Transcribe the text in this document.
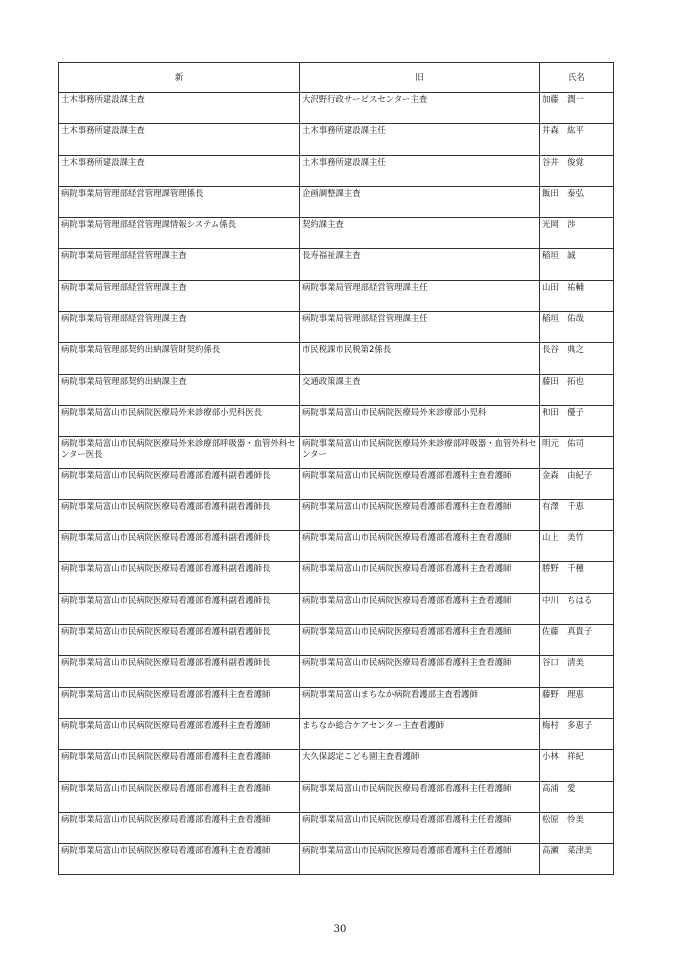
新	旧	氏名
土木事務所建設課主査	大沢野行政サービスセンター主査	加藤　潤一
土木事務所建設課主査	土木事務所建設課主任	井森　紘平
土木事務所建設課主査	土木事務所建設課主任	谷井　俊覚
病院事業局管理部経営管理課管理係長	企画調整課主査	飯田　泰弘
病院事業局管理部経営管理課情報システム係長	契約課主査	光岡　渉
病院事業局管理部経営管理課主査	長寿福祉課主査	稲垣　誠
病院事業局管理部経営管理課主査	病院事業局管理部経営管理課主任	山田　祐輔
病院事業局管理部経営管理課主査	病院事業局管理部経営管理課主任	稲垣　佑哉
病院事業局管理部契約出納課管財契約係長	市民税課市民税第2係長	長谷　典之
病院事業局管理部契約出納課主査	交通政策課主査	藤田　拓也
病院事業局富山市民病院医療局外来診療部小児科医長	病院事業局富山市民病院医療局外来診療部小児科	和田　優子
病院事業局富山市民病院医療局外来診療部呼吸器・血管外科センター医長	病院事業局富山市民病院医療局外来診療部呼吸器・血管外科センター	明元　佑司
病院事業局富山市民病院医療局看護部看護科副看護師長	病院事業局富山市民病院医療局看護部看護科主査看護師	金森　由紀子
病院事業局富山市民病院医療局看護部看護科副看護師長	病院事業局富山市民病院医療局看護部看護科主査看護師	有澤　千恵
病院事業局富山市民病院医療局看護部看護科副看護師長	病院事業局富山市民病院医療局看護部看護科主査看護師	山上　美竹
病院事業局富山市民病院医療局看護部看護科副看護師長	病院事業局富山市民病院医療局看護部看護科主査看護師	勝野　千種
病院事業局富山市民病院医療局看護部看護科副看護師長	病院事業局富山市民病院医療局看護部看護科主査看護師	中川　ちはる
病院事業局富山市民病院医療局看護部看護科副看護師長	病院事業局富山市民病院医療局看護部看護科主査看護師	佐藤　真貴子
病院事業局富山市民病院医療局看護部看護科副看護師長	病院事業局富山市民病院医療局看護部看護科主査看護師	谷口　清美
病院事業局富山市民病院医療局看護部看護科主査看護師	病院事業局富山まちなか病院看護部主査看護師	藤野　理恵
病院事業局富山市民病院医療局看護部看護科主査看護師	まちなか総合ケアセンター主査看護師	梅村　多恵子
病院事業局富山市民病院医療局看護部看護科主査看護師	大久保認定こども園主査看護師	小林　祥紀
病院事業局富山市民病院医療局看護部看護科主査看護師	病院事業局富山市民病院医療局看護部看護科主任看護師	高浦　愛
病院事業局富山市民病院医療局看護部看護科主査看護師	病院事業局富山市民病院医療局看護部看護科主任看護師	松原　怜美
病院事業局富山市民病院医療局看護部看護科主査看護師	病院事業局富山市民病院医療局看護部看護科主任看護師	高瀬　菜津美
30
